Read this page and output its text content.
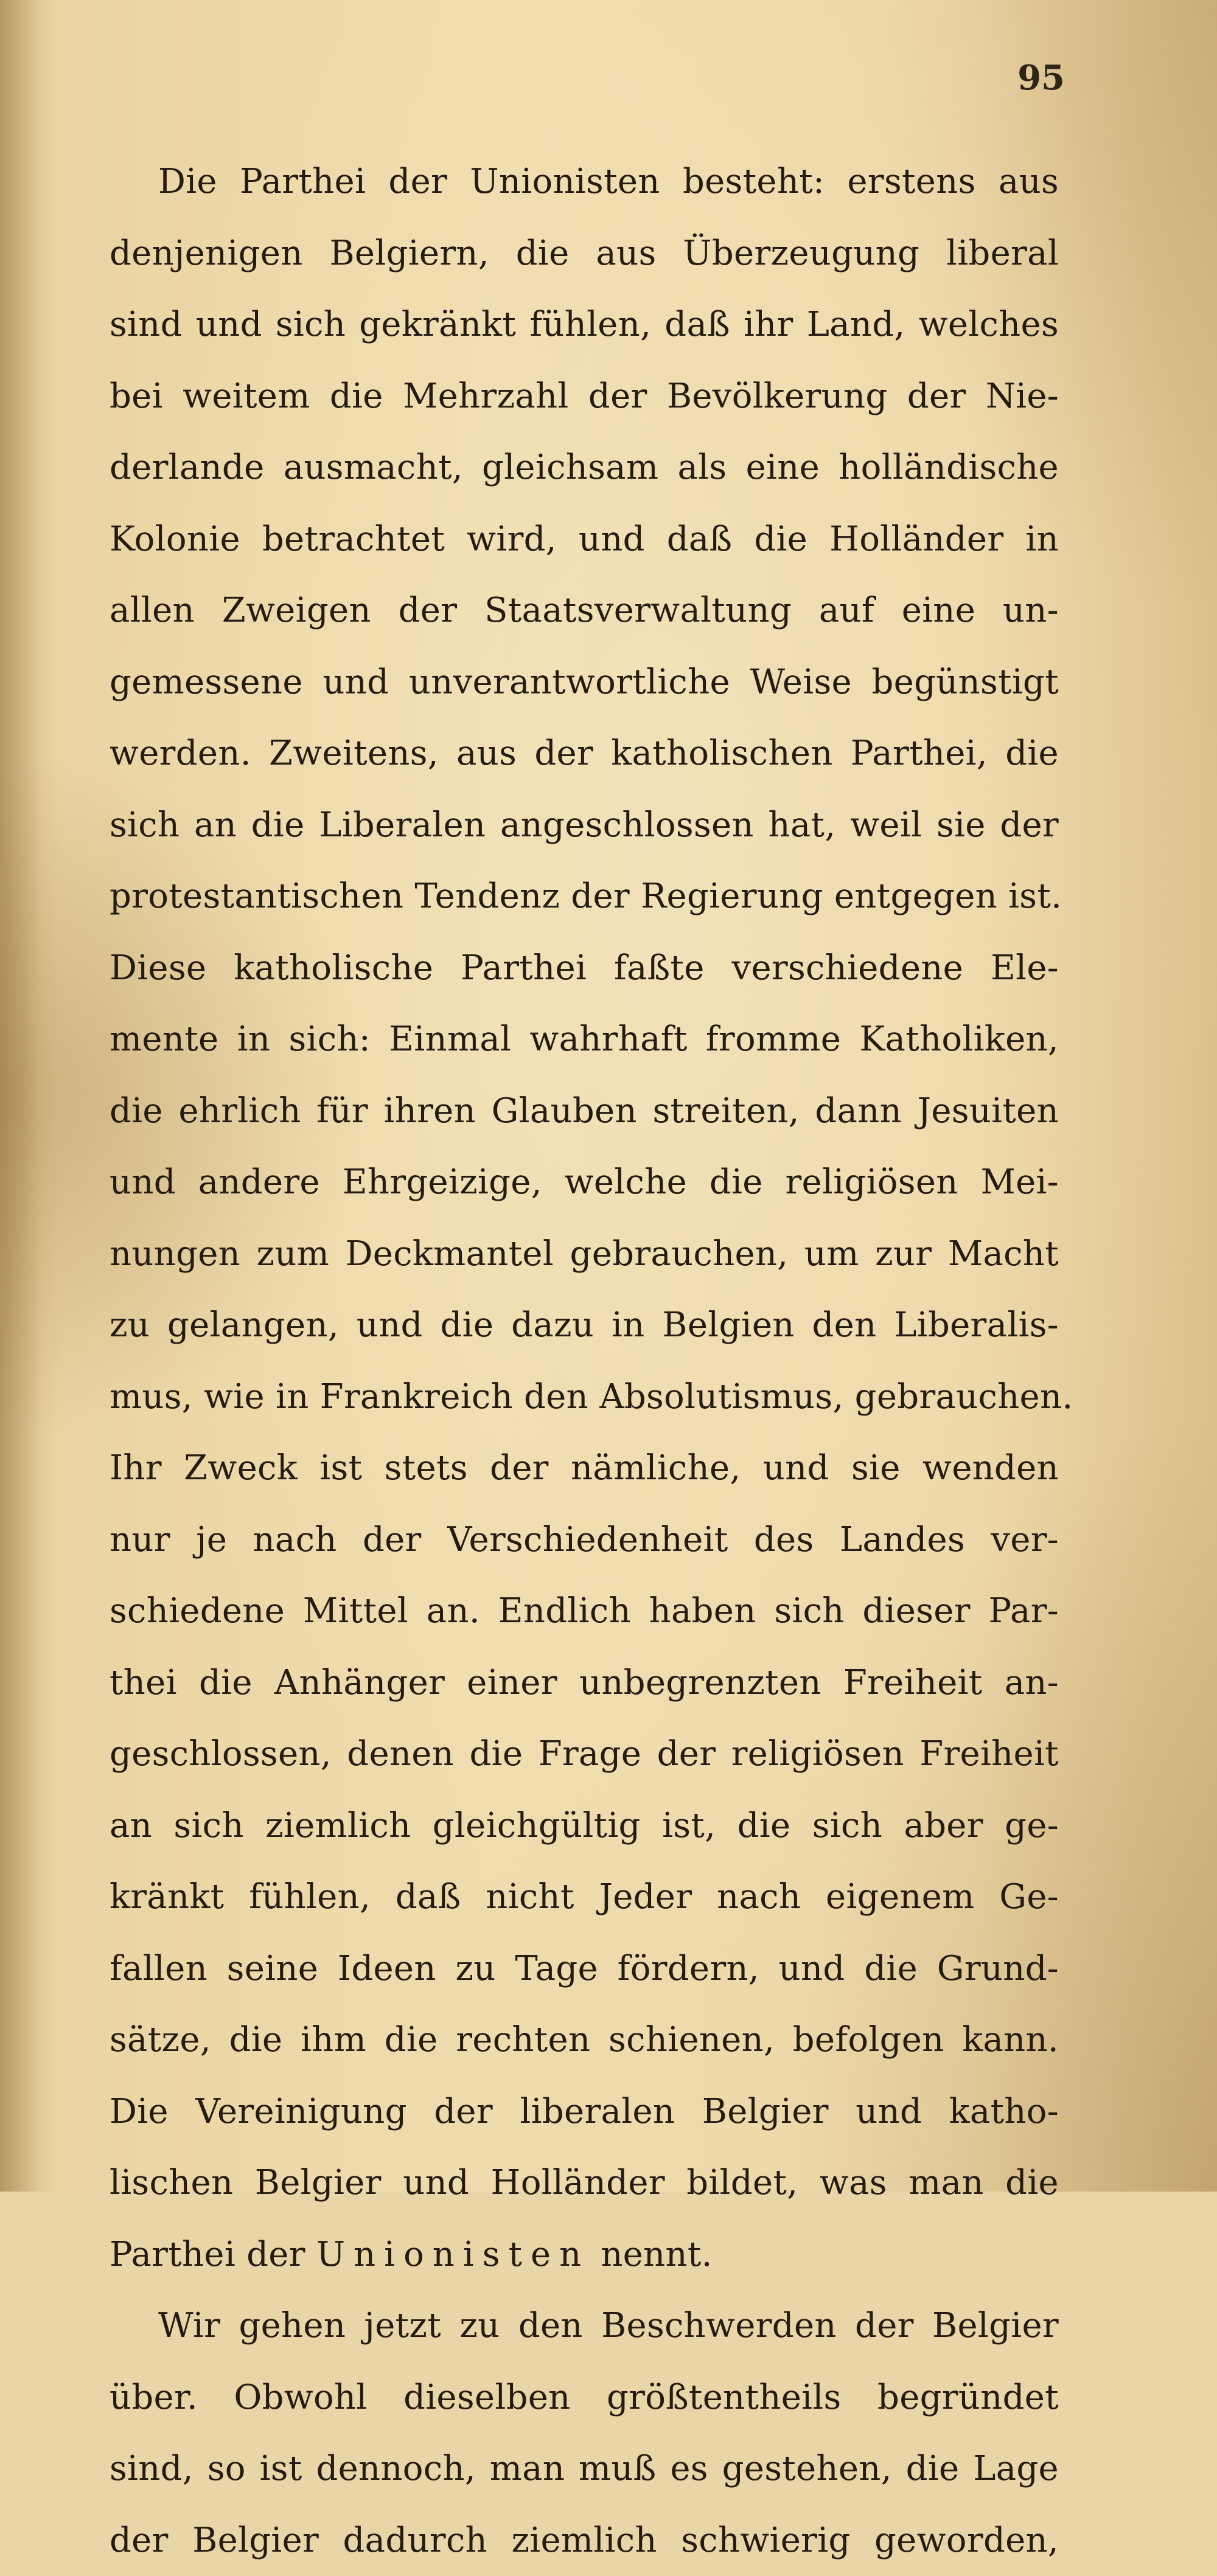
95

Die Parthei der Unionisten besteht: erstens aus
denjenigen Belgiern, die aus Überzeugung liberal
sind und sich gekränkt fühlen, daß ihr Land, welches
bei weitem die Mehrzahl der Bevölkerung der Nie-
derlande ausmacht, gleichsam als eine holländische
Kolonie betrachtet wird, und daß die Holländer in
allen Zweigen der Staatsverwaltung auf eine un-
gemessene und unverantwortliche Weise begünstigt
werden. Zweitens, aus der katholischen Parthei, die
sich an die Liberalen angeschlossen hat, weil sie der
protestantischen Tendenz der Regierung entgegen ist.
Diese katholische Parthei faßte verschiedene Ele-
mente in sich: Einmal wahrhaft fromme Katholiken,
die ehrlich für ihren Glauben streiten, dann Jesuiten
und andere Ehrgeizige, welche die religiösen Mei-
nungen zum Deckmantel gebrauchen, um zur Macht
zu gelangen, und die dazu in Belgien den Liberalis-
mus, wie in Frankreich den Absolutismus, gebrauchen.
Ihr Zweck ist stets der nämliche, und sie wenden
nur je nach der Verschiedenheit des Landes ver-
schiedene Mittel an. Endlich haben sich dieser Par-
thei die Anhänger einer unbegrenzten Freiheit an-
geschlossen, denen die Frage der religiösen Freiheit
an sich ziemlich gleichgültig ist, die sich aber ge-
kränkt fühlen, daß nicht Jeder nach eigenem Ge-
fallen seine Ideen zu Tage fördern, und die Grund-
sätze, die ihm die rechten schienen, befolgen kann.
Die Vereinigung der liberalen Belgier und katho-
lischen Belgier und Holländer bildet, was man die
Parthei der Unionisten nennt.
Wir gehen jetzt zu den Beschwerden der Belgier
über. Obwohl dieselben größtentheils begründet
sind, so ist dennoch, man muß es gestehen, die Lage
der Belgier dadurch ziemlich schwierig geworden,
